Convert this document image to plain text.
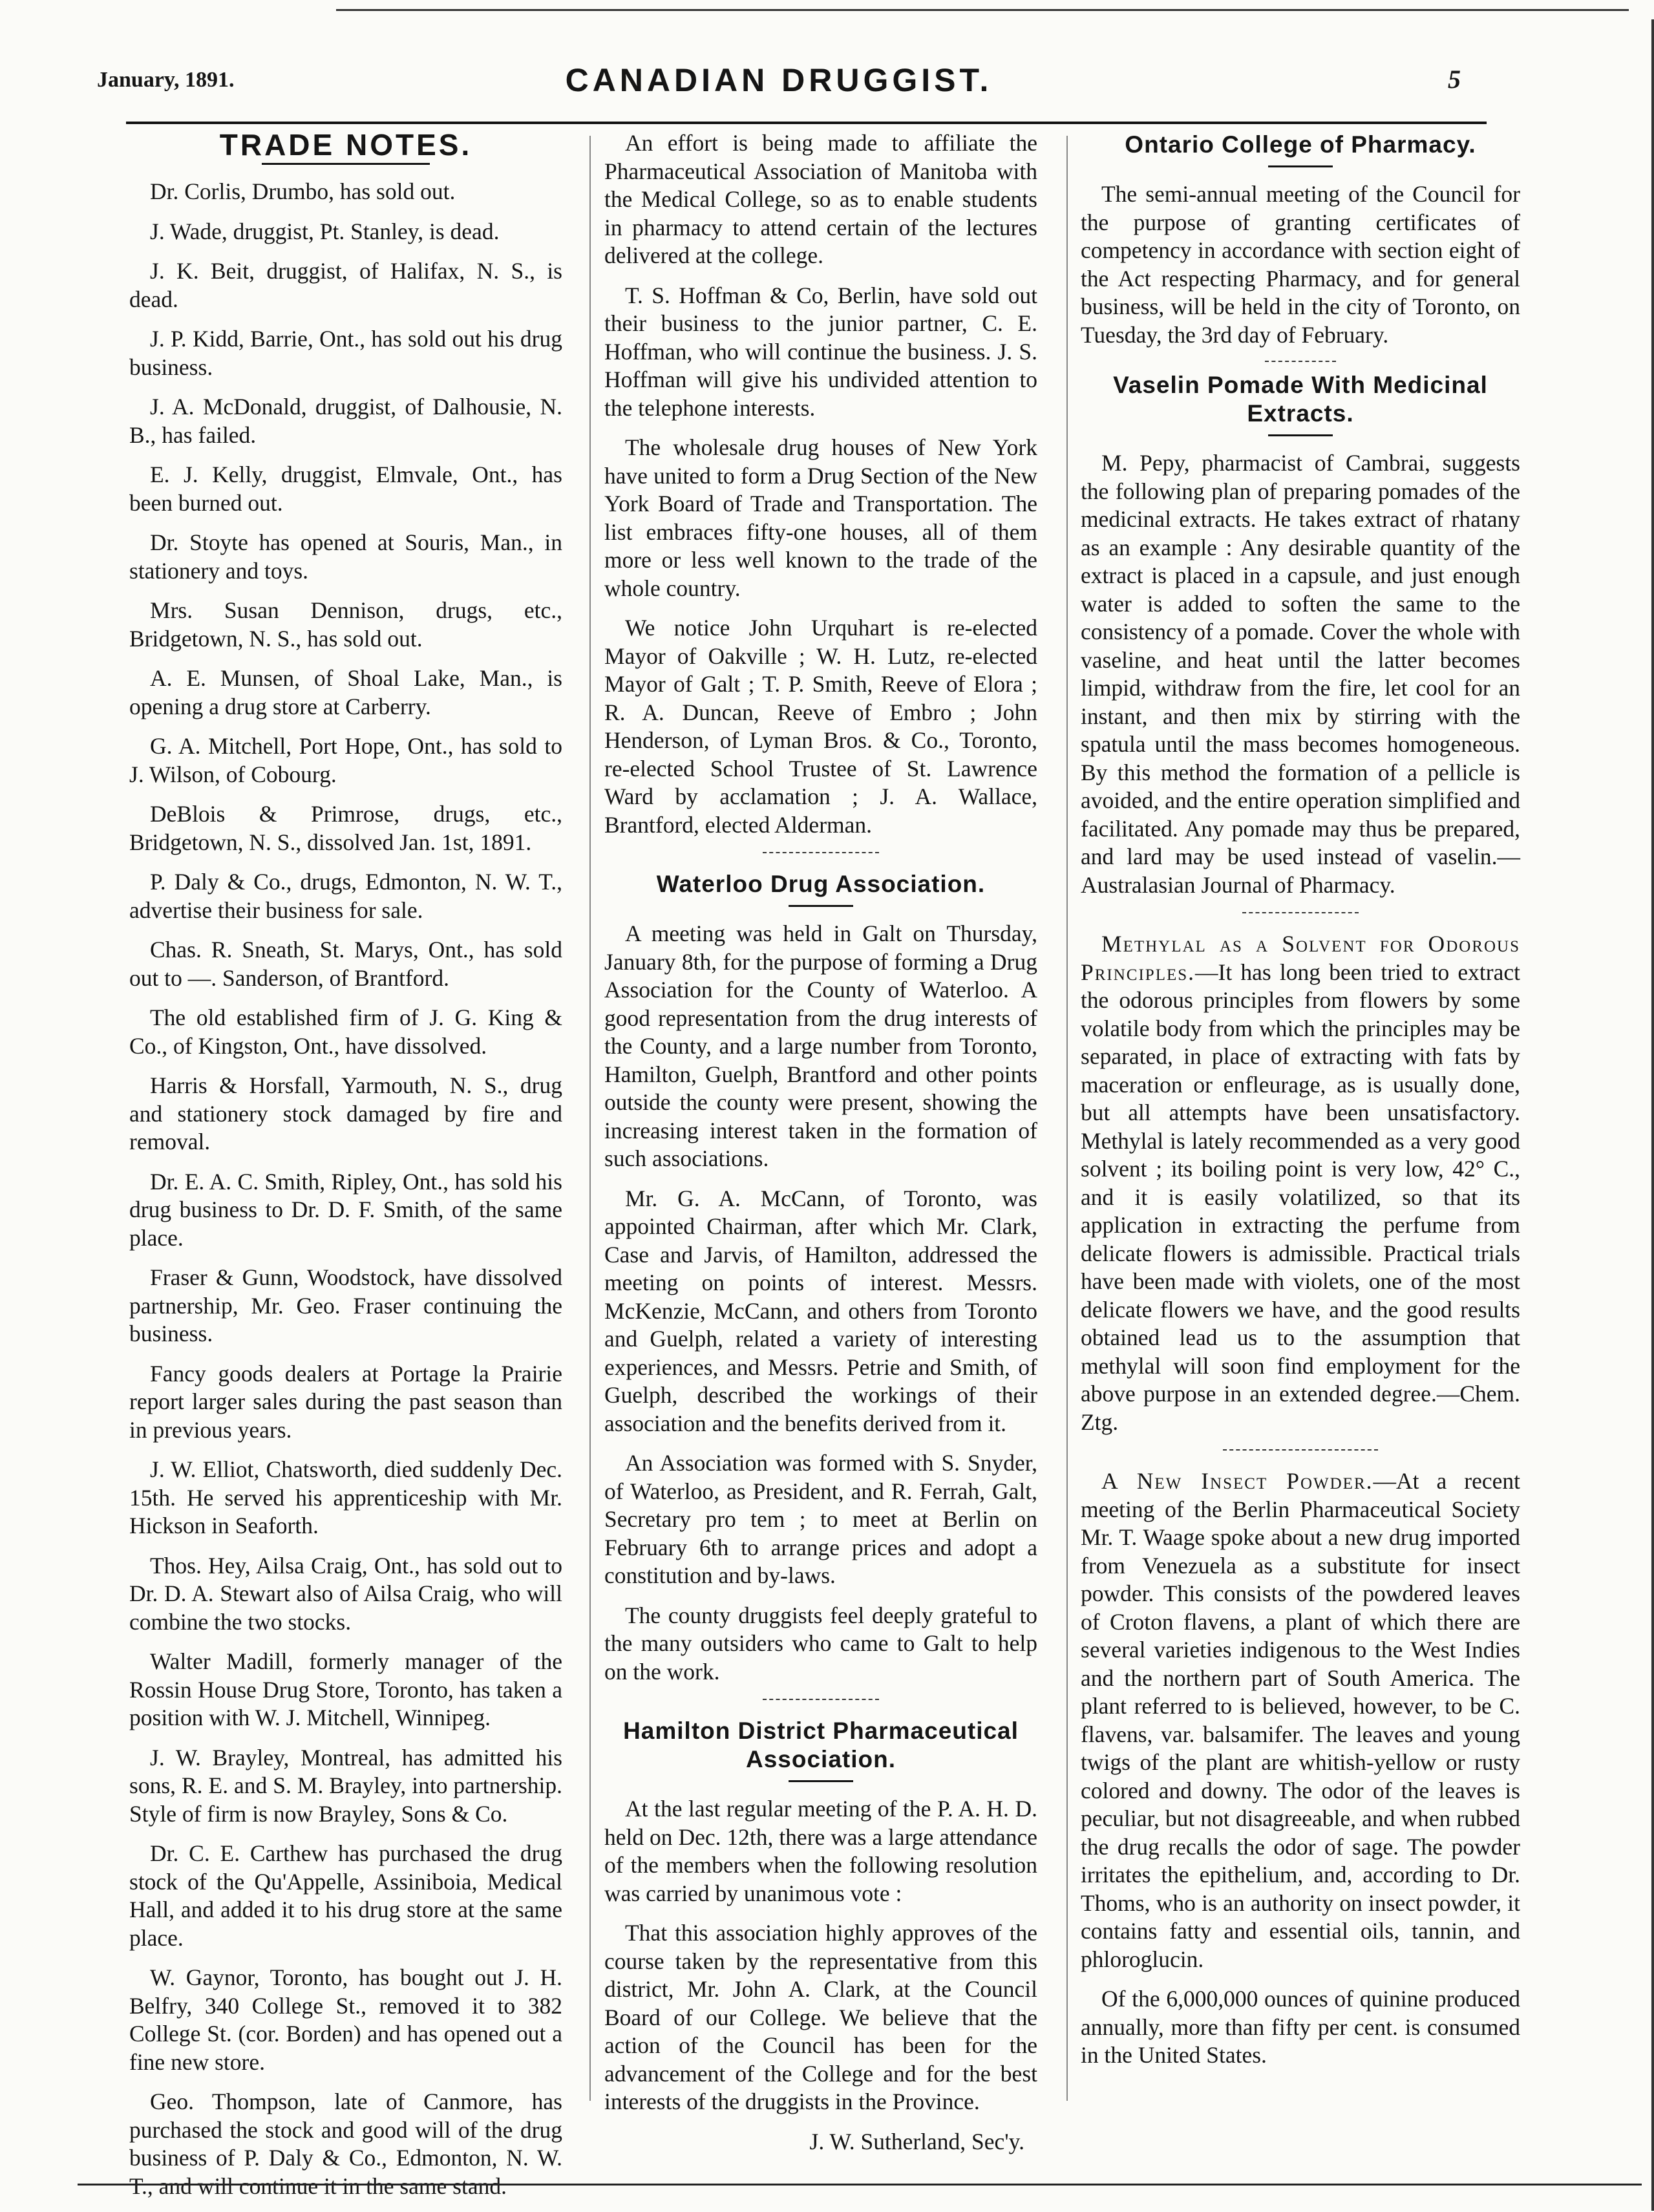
January, 1891.	CANADIAN DRUGGIST.	5
TRADE NOTES.

Dr. Corlis, Drumbo, has sold out.

J. Wade, druggist, Pt. Stanley, is dead.

J. K. Beit, druggist, of Halifax, N. S., is dead.

J. P. Kidd, Barrie, Ont., has sold out his drug business.

J. A. McDonald, druggist, of Dalhousie, N. B., has failed.

E. J. Kelly, druggist, Elmvale, Ont., has been burned out.

Dr. Stoyte has opened at Souris, Man., in stationery and toys.

Mrs. Susan Dennison, drugs, etc., Bridgetown, N. S., has sold out.

A. E. Munsen, of Shoal Lake, Man., is opening a drug store at Carberry.

G. A. Mitchell, Port Hope, Ont., has sold to J. Wilson, of Cobourg.

DeBlois & Primrose, drugs, etc., Bridgetown, N. S., dissolved Jan. 1st, 1891.

P. Daly & Co., drugs, Edmonton, N. W. T., advertise their business for sale.

Chas. R. Sneath, St. Marys, Ont., has sold out to —. Sanderson, of Brantford.

The old established firm of J. G. King & Co., of Kingston, Ont., have dissolved.

Harris & Horsfall, Yarmouth, N. S., drug and stationery stock damaged by fire and removal.

Dr. E. A. C. Smith, Ripley, Ont., has sold his drug business to Dr. D. F. Smith, of the same place.

Fraser & Gunn, Woodstock, have dissolved partnership, Mr. Geo. Fraser continuing the business.

Fancy goods dealers at Portage la Prairie report larger sales during the past season than in previous years.

J. W. Elliot, Chatsworth, died suddenly Dec. 15th. He served his apprenticeship with Mr. Hickson in Seaforth.

Thos. Hey, Ailsa Craig, Ont., has sold out to Dr. D. A. Stewart also of Ailsa Craig, who will combine the two stocks.

Walter Madill, formerly manager of the Rossin House Drug Store, Toronto, has taken a position with W. J. Mitchell, Winnipeg.

J. W. Brayley, Montreal, has admitted his sons, R. E. and S. M. Brayley, into partnership. Style of firm is now Brayley, Sons & Co.

Dr. C. E. Carthew has purchased the drug stock of the Qu'Appelle, Assiniboia, Medical Hall, and added it to his drug store at the same place.

W. Gaynor, Toronto, has bought out J. H. Belfry, 340 College St., removed it to 382 College St. (cor. Borden) and has opened out a fine new store.

Geo. Thompson, late of Canmore, has purchased the stock and good will of the drug business of P. Daly & Co., Edmonton, N. W. T., and will continue it in the same stand.

An effort is being made to affiliate the Pharmaceutical Association of Manitoba with the Medical College, so as to enable students in pharmacy to attend certain of the lectures delivered at the college.

T. S. Hoffman & Co, Berlin, have sold out their business to the junior partner, C. E. Hoffman, who will continue the business. J. S. Hoffman will give his undivided attention to the telephone interests.

The wholesale drug houses of New York have united to form a Drug Section of the New York Board of Trade and Transportation. The list embraces fifty-one houses, all of them more or less well known to the trade of the whole country.

We notice John Urquhart is re-elected Mayor of Oakville ; W. H. Lutz, re-elected Mayor of Galt ; T. P. Smith, Reeve of Elora ; R. A. Duncan, Reeve of Embro ; John Henderson, of Lyman Bros. & Co., Toronto, re-elected School Trustee of St. Lawrence Ward by acclamation ; J. A. Wallace, Brantford, elected Alderman.

Waterloo Drug Association.

A meeting was held in Galt on Thursday, January 8th, for the purpose of forming a Drug Association for the County of Waterloo. A good representation from the drug interests of the County, and a large number from Toronto, Hamilton, Guelph, Brantford and other points outside the county were present, showing the increasing interest taken in the formation of such associations.

Mr. G. A. McCann, of Toronto, was appointed Chairman, after which Mr. Clark, Case and Jarvis, of Hamilton, addressed the meeting on points of interest. Messrs. McKenzie, McCann, and others from Toronto and Guelph, related a variety of interesting experiences, and Messrs. Petrie and Smith, of Guelph, described the workings of their association and the benefits derived from it.

An Association was formed with S. Snyder, of Waterloo, as President, and R. Ferrah, Galt, Secretary pro tem ; to meet at Berlin on February 6th to arrange prices and adopt a constitution and by-laws.

The county druggists feel deeply grateful to the many outsiders who came to Galt to help on the work.

Hamilton District Pharmaceutical Association.

At the last regular meeting of the P. A. H. D. held on Dec. 12th, there was a large attendance of the members when the following resolution was carried by unanimous vote :

That this association highly approves of the course taken by the representative from this district, Mr. John A. Clark, at the Council Board of our College. We believe that the action of the Council has been for the advancement of the College and for the best interests of the druggists in the Province.

J. W. Sutherland, Sec'y.

Ontario College of Pharmacy.

The semi-annual meeting of the Council for the purpose of granting certificates of competency in accordance with section eight of the Act respecting Pharmacy, and for general business, will be held in the city of Toronto, on Tuesday, the 3rd day of February.

Vaselin Pomade With Medicinal Extracts.

M. Pepy, pharmacist of Cambrai, suggests the following plan of preparing pomades of the medicinal extracts. He takes extract of rhatany as an example : Any desirable quantity of the extract is placed in a capsule, and just enough water is added to soften the same to the consistency of a pomade. Cover the whole with vaseline, and heat until the latter becomes limpid, withdraw from the fire, let cool for an instant, and then mix by stirring with the spatula until the mass becomes homogeneous. By this method the formation of a pellicle is avoided, and the entire operation simplified and facilitated. Any pomade may thus be prepared, and lard may be used instead of vaselin.—Australasian Journal of Pharmacy.

Methylal as a Solvent for Odorous Principles.—It has long been tried to extract the odorous principles from flowers by some volatile body from which the principles may be separated, in place of extracting with fats by maceration or enfleurage, as is usually done, but all attempts have been unsatisfactory. Methylal is lately recommended as a very good solvent ; its boiling point is very low, 42° C., and it is easily volatilized, so that its application in extracting the perfume from delicate flowers is admissible. Practical trials have been made with violets, one of the most delicate flowers we have, and the good results obtained lead us to the assumption that methylal will soon find employment for the above purpose in an extended degree.—Chem. Ztg.

A New Insect Powder.—At a recent meeting of the Berlin Pharmaceutical Society Mr. T. Waage spoke about a new drug imported from Venezuela as a substitute for insect powder. This consists of the powdered leaves of Croton flavens, a plant of which there are several varieties indigenous to the West Indies and the northern part of South America. The plant referred to is believed, however, to be C. flavens, var. balsamifer. The leaves and young twigs of the plant are whitish-yellow or rusty colored and downy. The odor of the leaves is peculiar, but not disagreeable, and when rubbed the drug recalls the odor of sage. The powder irritates the epithelium, and, according to Dr. Thoms, who is an authority on insect powder, it contains fatty and essential oils, tannin, and phloroglucin.

Of the 6,000,000 ounces of quinine produced annually, more than fifty per cent. is consumed in the United States.
